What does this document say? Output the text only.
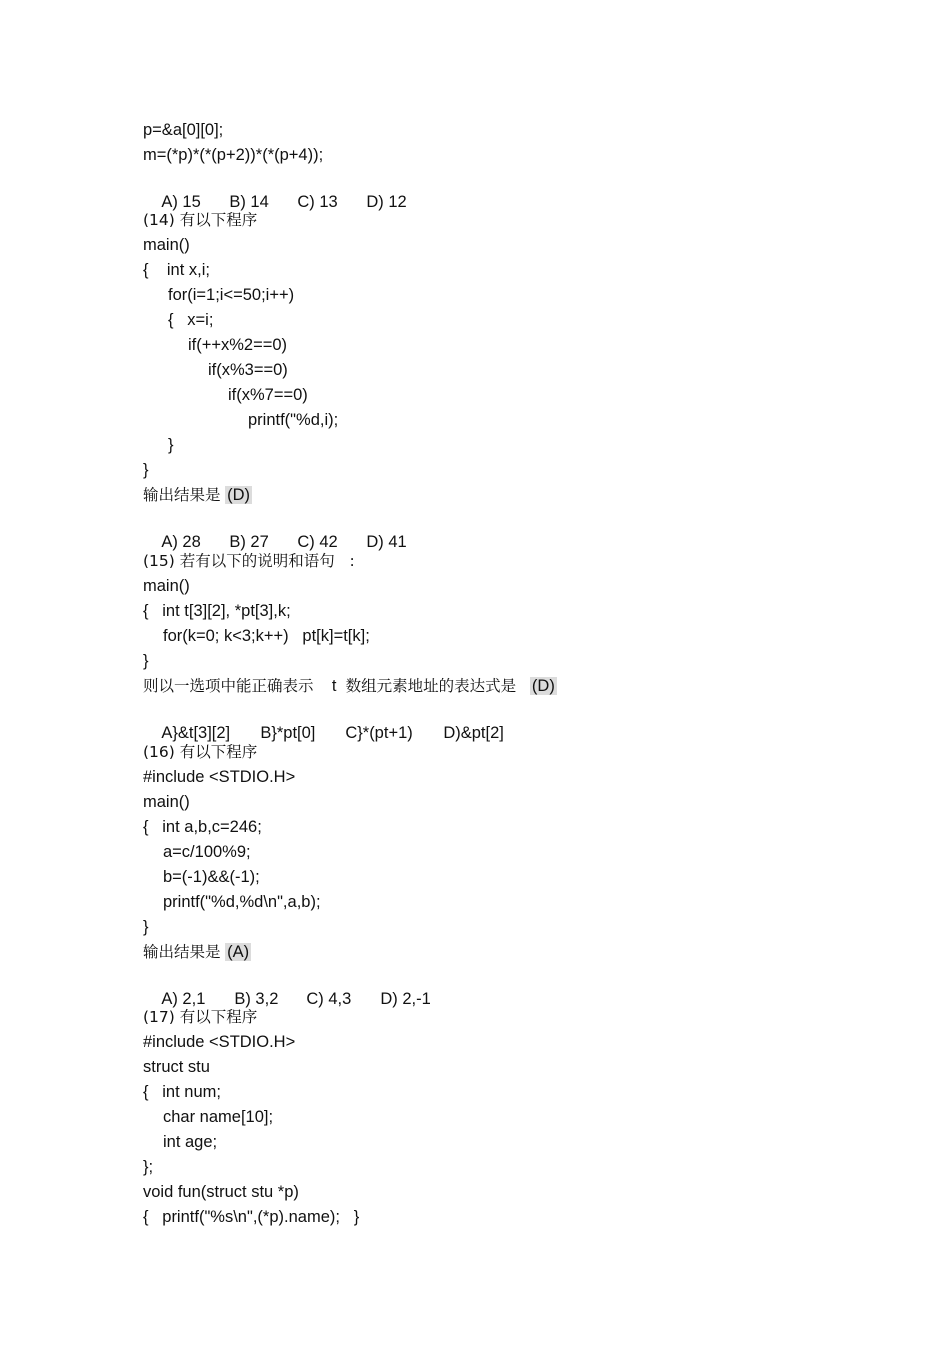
p=&a[0][0];
m=(*p)*(*(p+2))*(*(p+4));

A) 15 B) 14 C) 13 D) 12

(14) 有以下程序
main()
{    int x,i;
for(i=1;i<=50;i++)
{   x=i;
if(++x%2==0)
if(x%3==0)
if(x%7==0)
printf("%d,i);
}
}
输出结果是 (D)

A) 28 B) 27 C) 42 D) 41

(15) 若有以下的说明和语句   :
main()
{   int t[3][2], *pt[3],k;
for(k=0; k<3;k++)   pt[k]=t[k];
}
则以一选项中能正确表示 t 数组元素地址的表达式是 (D)

A}&t[3][2] B}*pt[0] C}*(pt+1) D)&pt[2]

(16) 有以下程序
#include <STDIO.H>
main()
{   int a,b,c=246;
a=c/100%9;
b=(-1)&&(-1);
printf("%d,%d\n",a,b);
}
输出结果是 (A)

A) 2,1 B) 3,2 C) 4,3 D) 2,-1

(17) 有以下程序
#include <STDIO.H>
struct stu
{   int num;
char name[10];
int age;
};
void fun(struct stu *p)
{   printf("%s\n",(*p).name);   }
